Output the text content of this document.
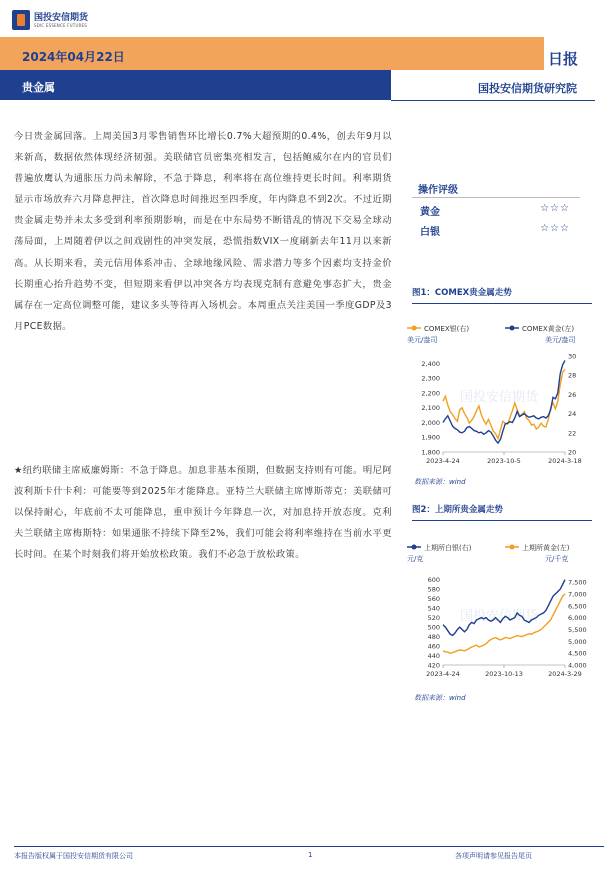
国投安信期货
SDIC ESSENCE FUTURES
2024年04月22日	日报
贵金属	国投安信期货研究院
今日贵金属回落。上周美国3月零售销售环比增长0.7%大超预期的0.4%，创去年9月以来新高，数据依然体现经济韧强。美联储官员密集亮相发言，包括鲍威尔在内的官员们普遍放鹰认为通胀压力尚未解除，不急于降息，利率将在高位维持更长时间。利率期货显示市场放弃六月降息押注，首次降息时间推迟至四季度，年内降息不到2次。不过近期贵金属走势并未太多受到利率预期影响，而是在中东局势不断错乱的情况下交易全球动荡局面，上周随着伊以之间戏剧性的冲突发展，恐慌指数VIX一度刷新去年11月以来新高。从长期来看，美元信用体系冲击、全球地缘风险、需求潜力等多个因素均支持金价长期重心抬升趋势不变，但短期来看伊以冲突各方均表现克制有意避免事态扩大，贵金属存在一定高位调整可能，建议多头等待再入场机会。本周重点关注美国一季度GDP及3月PCE数据。
★纽约联储主席威廉姆斯：不急于降息。加息非基本预期，但数据支持则有可能。明尼阿波利斯卡什卡利：可能要等到2025年才能降息。亚特兰大联储主席博斯蒂克：美联储可以保持耐心，年底前不太可能降息，重申预计今年降息一次，对加息持开放态度。克利夫兰联储主席梅斯特：如果通胀不持续下降至2%，我们可能会将利率维持在当前水平更长时间。在某个时刻我们将开始放松政策。我们不必急于放松政策。
操作评级
黄金	☆☆☆
白银	☆☆☆
图1：COMEX贵金属走势
国投安信期货
COMEX银(右)	COMEX黄金(左)
美元/盎司	美元/盎司
1,800
1,900
2,000
2,100
2,200
2,300
2,400
20
22
24
26
28
30
2023-4-24	2023-10-5	2024-3-18
数据来源：wind
图2：上期所贵金属走势
国投安信期货
上期所白银(右)	上期所黄金(左)
元/克	元/千克
420
440
460
480
500
520
540
560
580
600
4,000
4,500
5,000
5,500
6,000
6,500
7,000
7,500
2023-4-24	2023-10-13	2024-3-29
数据来源：wind
本报告版权属于国投安信期货有限公司	1	各项声明请参见报告尾页
